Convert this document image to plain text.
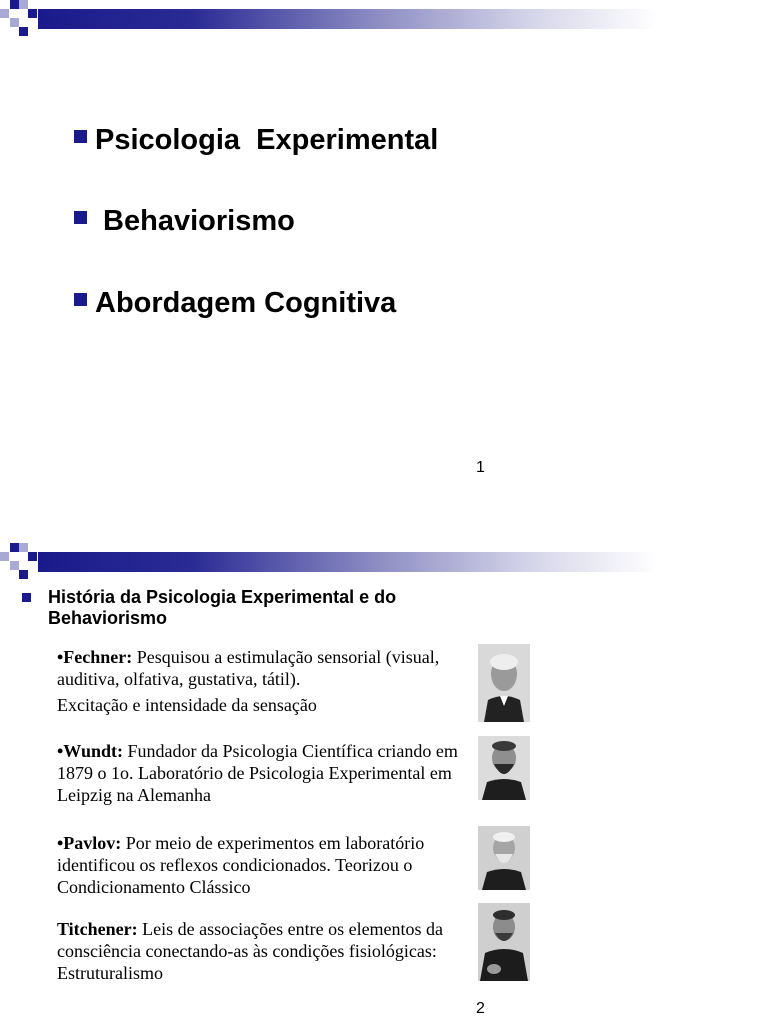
Psicologia  Experimental
Behaviorismo
Abordagem Cognitiva
1
História da Psicologia Experimental e do Behaviorismo
•Fechner: Pesquisou a estimulação sensorial (visual, auditiva, olfativa, gustativa, tátil).
Excitação e intensidade da sensação
•Wundt: Fundador da Psicologia Científica criando em 1879 o 1o. Laboratório de Psicologia Experimental em Leipzig na Alemanha
•Pavlov: Por meio de experimentos em laboratório identificou os reflexos condicionados. Teorizou o Condicionamento Clássico
Titchener: Leis de associações entre os elementos da consciência conectando-as às condições fisiológicas: Estruturalismo
2
